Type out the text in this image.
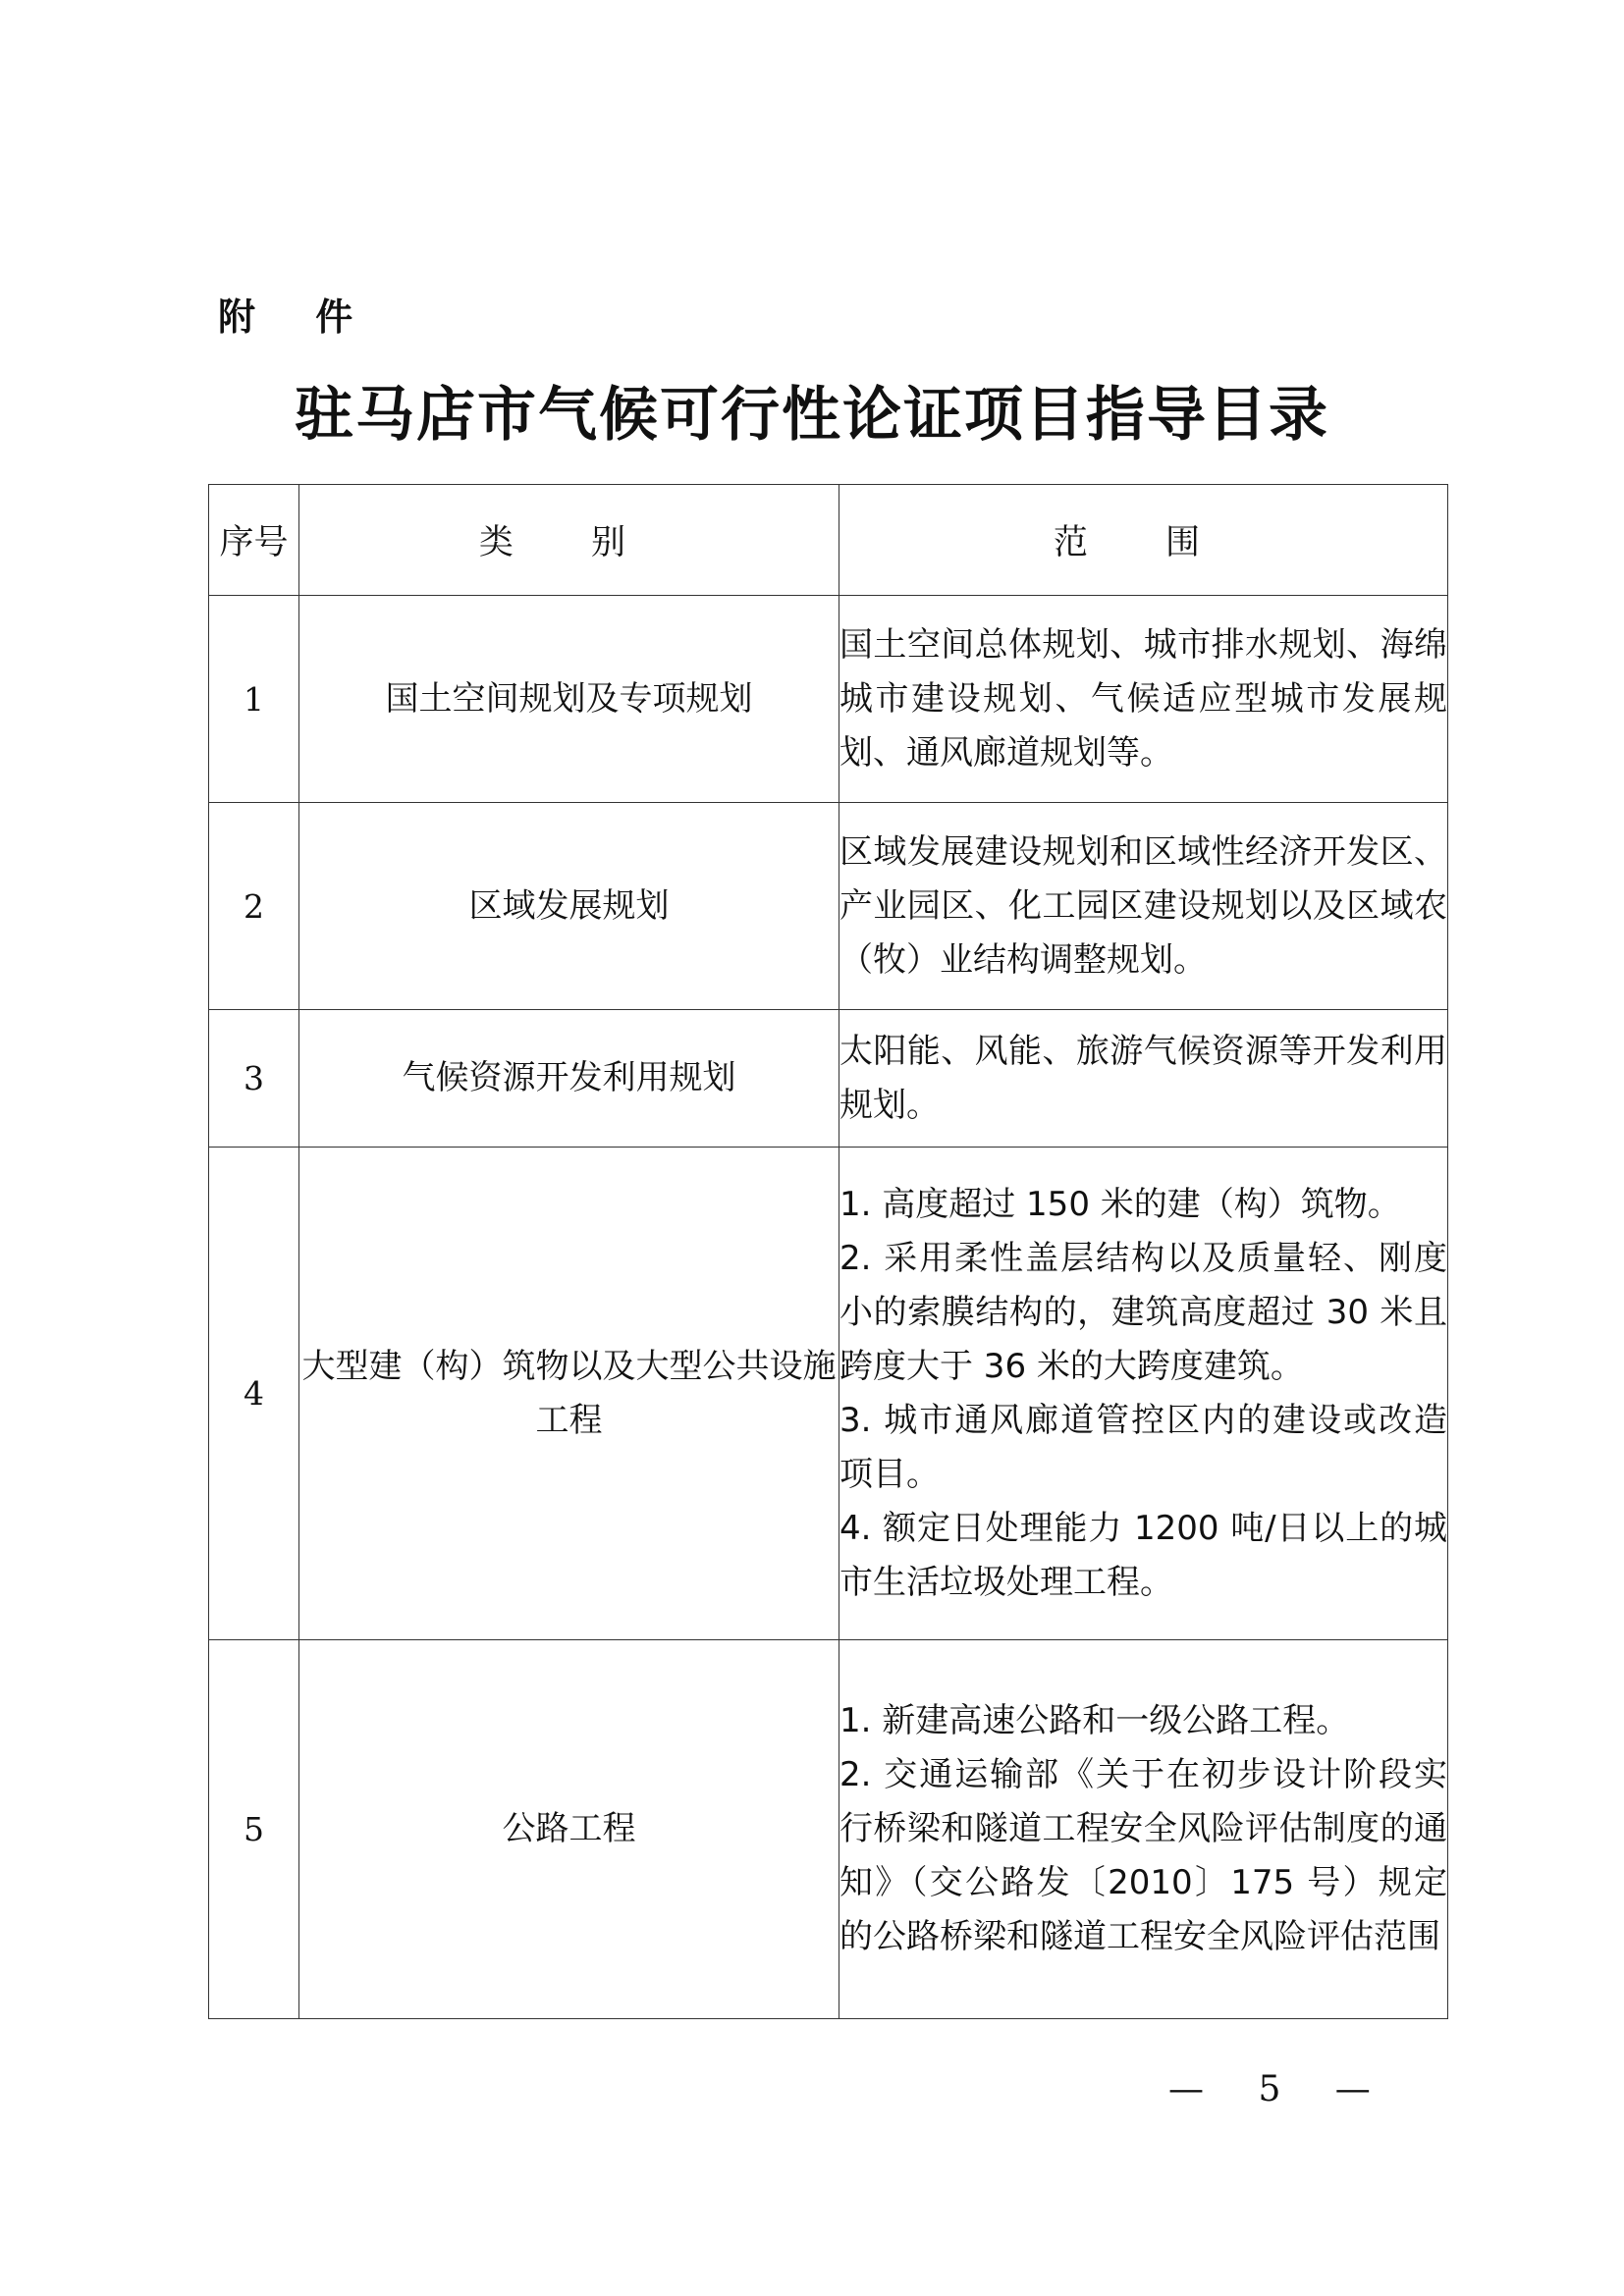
附 件
驻马店市气候可行性论证项目指导目录
序号	类 别	范 围
1	国土空间规划及专项规划	国土空间总体规划、城市排水规划、海绵城市建设规划、气候适应型城市发展规划、通风廊道规划等。

2	区域发展规划	区域发展建设规划和区域性经济开发区、产业园区、化工园区建设规划以及区域农（牧）业结构调整规划。

3	气候资源开发利用规划	太阳能、风能、旅游气候资源等开发利用规划。

4	大型建（构）筑物以及大型公共设施工程	1. 高度超过 150 米的建（构）筑物。
2. 采用柔性盖层结构以及质量轻、刚度小的索膜结构的，建筑高度超过 30 米且跨度大于 36 米的大跨度建筑。
3. 城市通风廊道管控区内的建设或改造项目。
4. 额定日处理能力 1200 吨/日以上的城市生活垃圾处理工程。

5	公路工程	1. 新建高速公路和一级公路工程。
2. 交通运输部《关于在初步设计阶段实行桥梁和隧道工程安全风险评估制度的通知》（交公路发〔2010〕175 号）规定的公路桥梁和隧道工程安全风险评估范围
— 5 —
